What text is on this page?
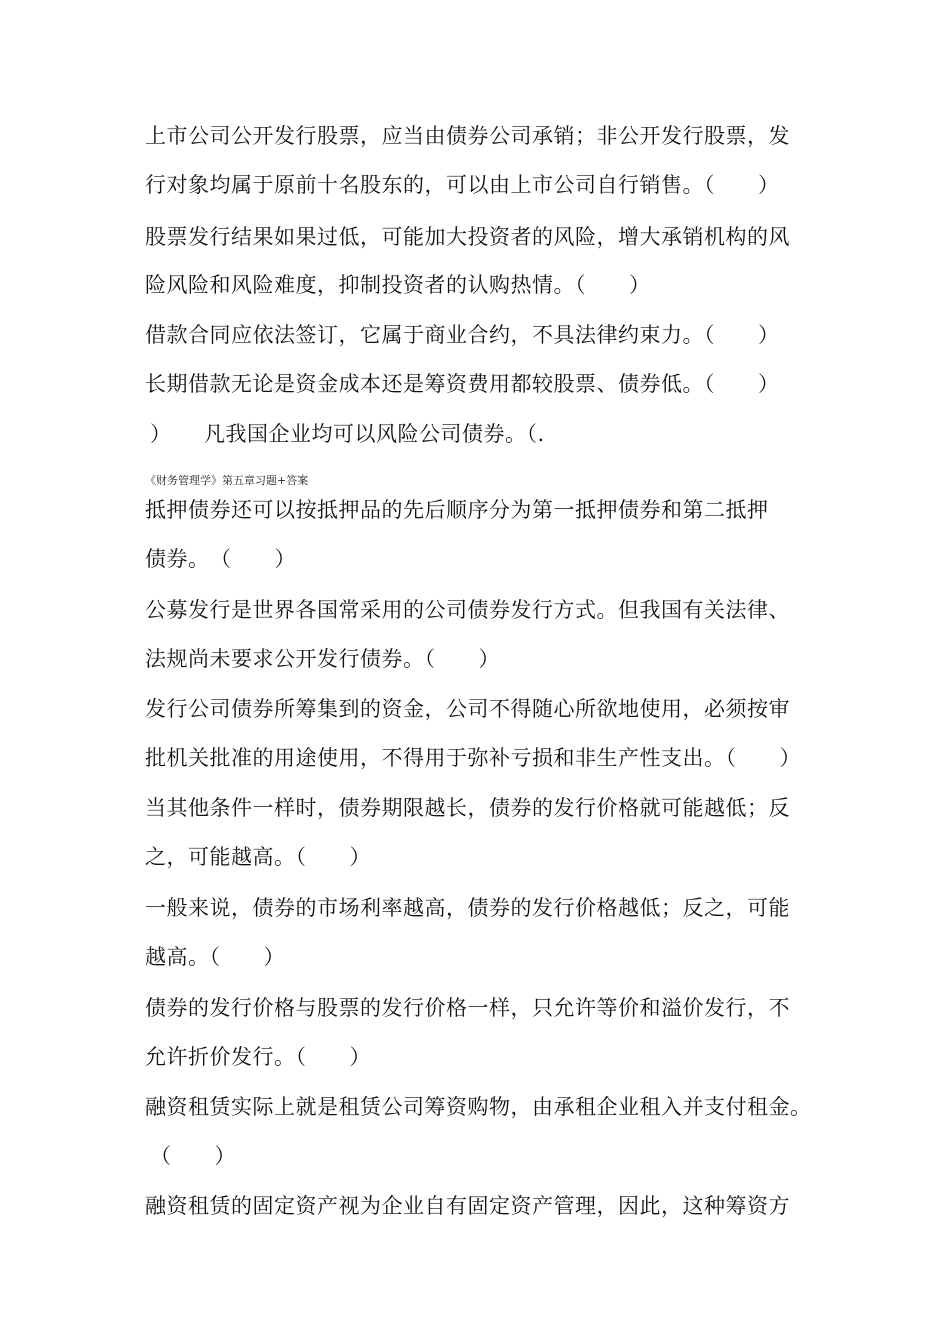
上市公司公开发行股票，应当由债券公司承销；非公开发行股票，发
行对象均属于原前十名股东的，可以由上市公司自行销售。（　　）
股票发行结果如果过低，可能加大投资者的风险，增大承销机构的风
险风险和风险难度，抑制投资者的认购热情。（　　）
借款合同应依法签订，它属于商业合约，不具法律约束力。（　　）
长期借款无论是资金成本还是筹资费用都较股票、债券低。（　　）
）　　凡我国企业均可以风险公司债券。（.
《财务管理学》第五章习题+答案
抵押债券还可以按抵押品的先后顺序分为第一抵押债券和第二抵押
债券。　（　　）
公募发行是世界各国常采用的公司债券发行方式。但我国有关法律、
法规尚未要求公开发行债券。（　　）
发行公司债券所筹集到的资金，公司不得随心所欲地使用，必须按审
批机关批准的用途使用，不得用于弥补亏损和非生产性支出。（　　）
当其他条件一样时，债券期限越长，债券的发行价格就可能越低；反
之，可能越高。（　　）
一般来说，债券的市场利率越高，债券的发行价格越低；反之，可能
越高。（　　）
债券的发行价格与股票的发行价格一样，只允许等价和溢价发行，不
允许折价发行。（　　）
融资租赁实际上就是租赁公司筹资购物，由承租企业租入并支付租金。
（　　）
融资租赁的固定资产视为企业自有固定资产管理，因此，这种筹资方
